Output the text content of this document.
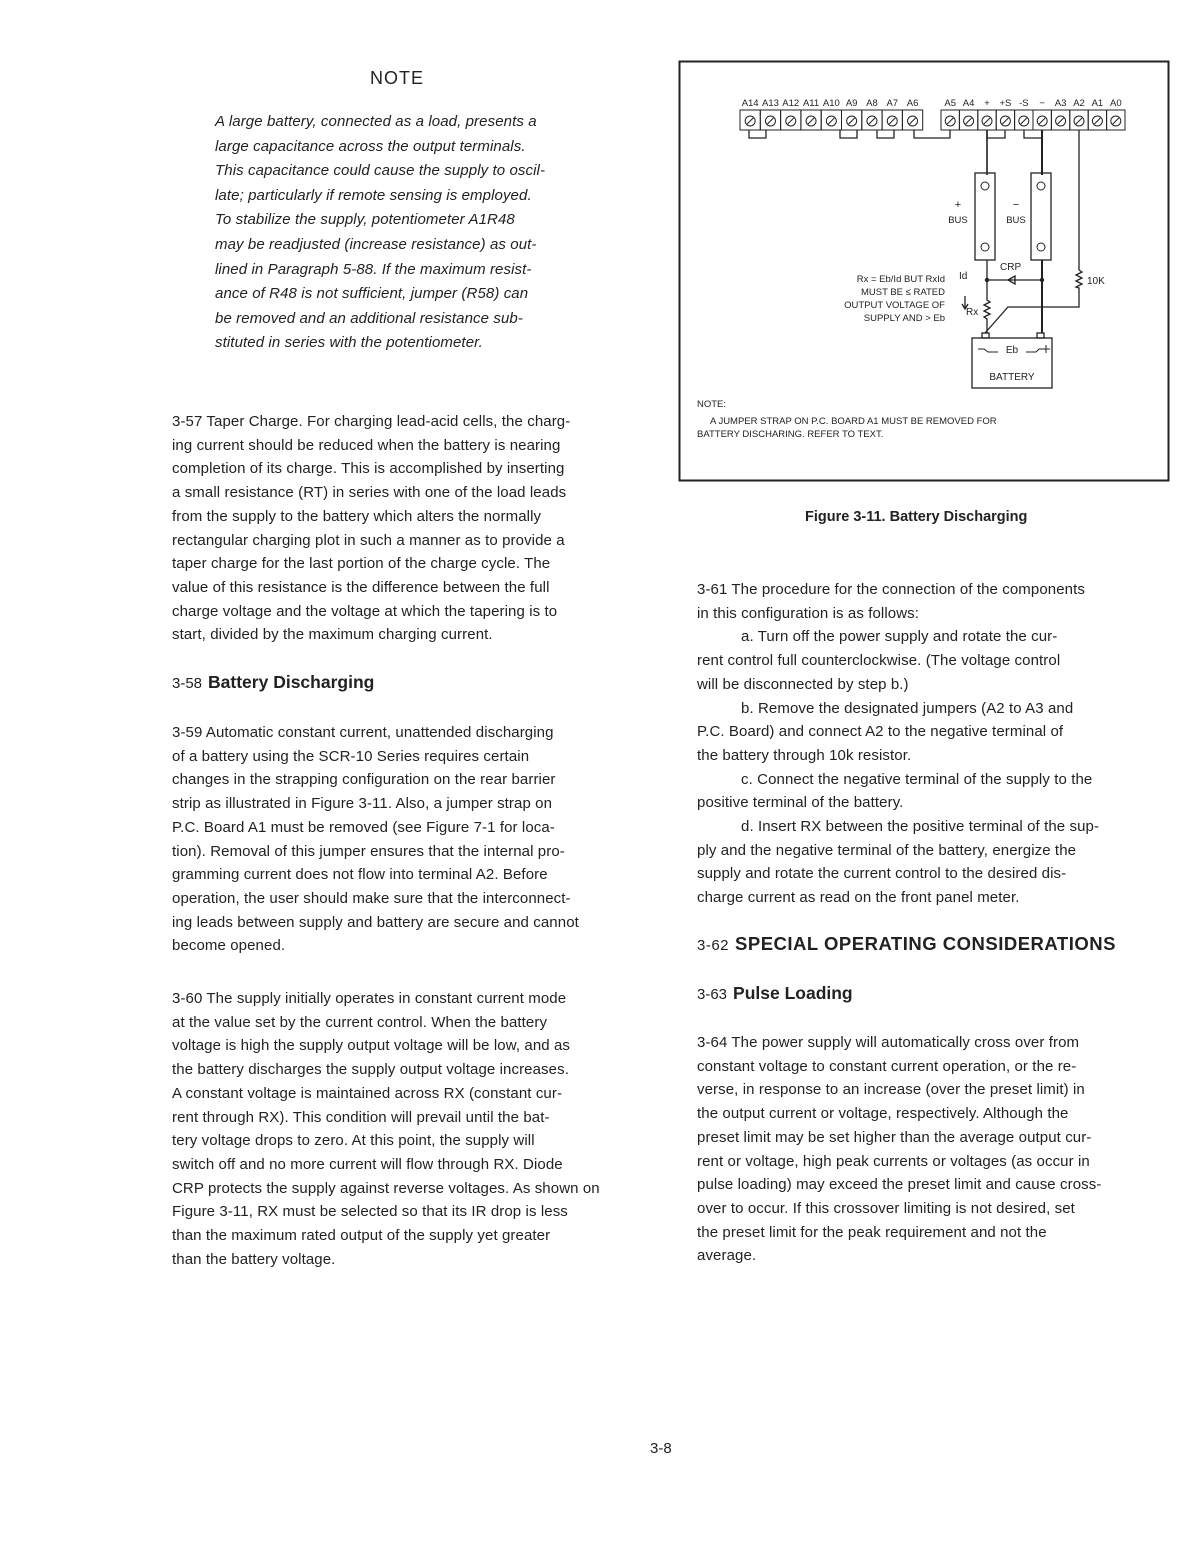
NOTE
A large battery, connected as a load, presents a
large capacitance across the output terminals.
This capacitance could cause the supply to oscil-
late; particularly if remote sensing is employed.
To stabilize the supply, potentiometer A1R48
may be readjusted (increase resistance) as out-
lined in Paragraph 5-88. If the maximum resist-
ance of R48 is not sufficient, jumper (R58) can
be removed and an additional resistance sub-
stituted in series with the potentiometer.
3-57 Taper Charge. For charging lead-acid cells, the charg-
ing current should be reduced when the battery is nearing
completion of its charge. This is accomplished by inserting
a small resistance (RT) in series with one of the load leads
from the supply to the battery which alters the normally
rectangular charging plot in such a manner as to provide a
taper charge for the last portion of the charge cycle. The
value of this resistance is the difference between the full
charge voltage and the voltage at which the tapering is to
start, divided by the maximum charging current.
3-58 Battery Discharging
3-59 Automatic constant current, unattended discharging
of a battery using the SCR-10 Series requires certain
changes in the strapping configuration on the rear barrier
strip as illustrated in Figure 3-11. Also, a jumper strap on
P.C. Board A1 must be removed (see Figure 7-1 for loca-
tion). Removal of this jumper ensures that the internal pro-
gramming current does not flow into terminal A2. Before
operation, the user should make sure that the interconnect-
ing leads between supply and battery are secure and cannot
become opened.
3-60 The supply initially operates in constant current mode
at the value set by the current control. When the battery
voltage is high the supply output voltage will be low, and as
the battery discharges the supply output voltage increases.
A constant voltage is maintained across RX (constant cur-
rent through RX). This condition will prevail until the bat-
tery voltage drops to zero. At this point, the supply will
switch off and no more current will flow through RX. Diode
CRP protects the supply against reverse voltages. As shown on
Figure 3-11, RX must be selected so that its IR drop is less
than the maximum rated output of the supply yet greater
than the battery voltage.
A14 A13 A12 A11 A10 A9 A8 A7 A6	A5 A4 + +S -S − A3 A2 A1 A0
+
BUS
−
BUS
CRP
Id
Rx
10K
Rx = Eb/Id BUT RxId
MUST BE ≤ RATED
OUTPUT VOLTAGE OF
SUPPLY AND > Eb
Eb
BATTERY
NOTE:
A JUMPER STRAP ON P.C. BOARD A1 MUST BE REMOVED FOR
BATTERY DISCHARING. REFER TO TEXT.
Figure 3-11. Battery Discharging
3-61 The procedure for the connection of the components
in this configuration is as follows:
a. Turn off the power supply and rotate the cur-
rent control full counterclockwise. (The voltage control
will be disconnected by step b.)
b. Remove the designated jumpers (A2 to A3 and
P.C. Board) and connect A2 to the negative terminal of
the battery through 10k resistor.
c. Connect the negative terminal of the supply to the
positive terminal of the battery.
d. Insert RX between the positive terminal of the sup-
ply and the negative terminal of the battery, energize the
supply and rotate the current control to the desired dis-
charge current as read on the front panel meter.
3-62 SPECIAL OPERATING CONSIDERATIONS
3-63 Pulse Loading
3-64 The power supply will automatically cross over from
constant voltage to constant current operation, or the re-
verse, in response to an increase (over the preset limit) in
the output current or voltage, respectively. Although the
preset limit may be set higher than the average output cur-
rent or voltage, high peak currents or voltages (as occur in
pulse loading) may exceed the preset limit and cause cross-
over to occur. If this crossover limiting is not desired, set
the preset limit for the peak requirement and not the
average.
3-8
